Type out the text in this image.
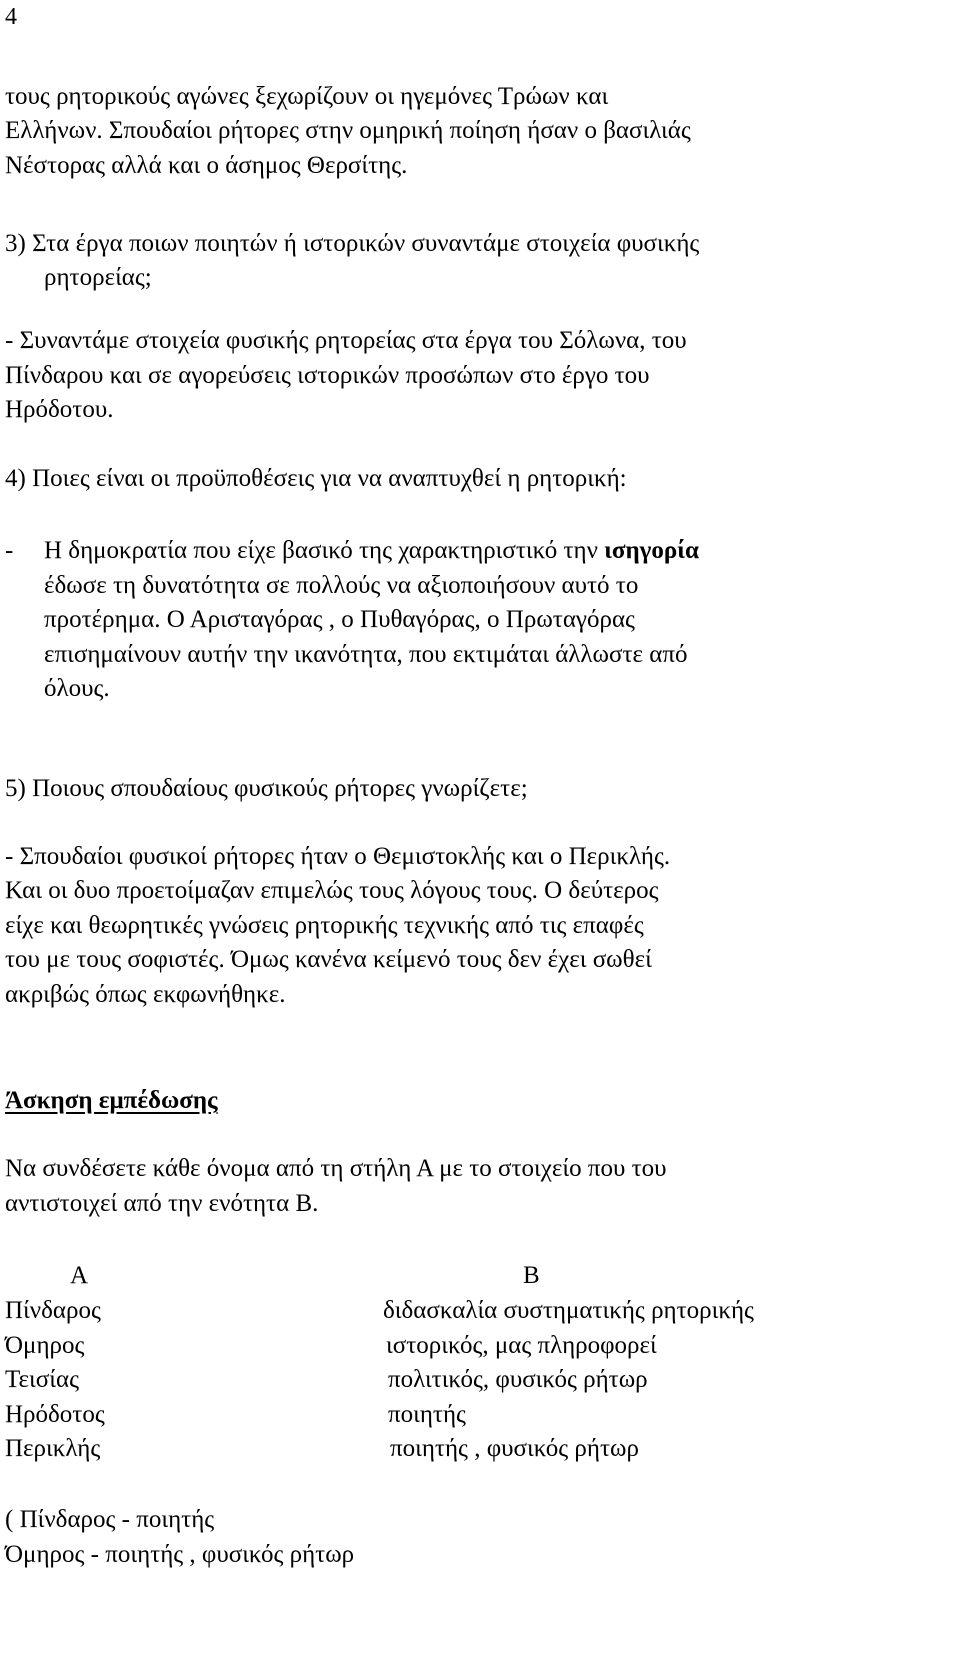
4
τους ρητορικούς αγώνες ξεχωρίζουν οι ηγεμόνες Τρώων και
Ελλήνων. Σπουδαίοι ρήτορες στην ομηρική ποίηση ήσαν ο βασιλιάς
Νέστορας αλλά και ο άσημος Θερσίτης.
3) Στα έργα ποιων ποιητών ή ιστορικών συναντάμε στοιχεία φυσικής
ρητορείας;
- Συναντάμε στοιχεία φυσικής ρητορείας στα έργα του Σόλωνα, του
Πίνδαρου και σε αγορεύσεις ιστορικών προσώπων στο έργο του
Ηρόδοτου.
4) Ποιες είναι οι προϋποθέσεις για να αναπτυχθεί η ρητορική:
- Η δημοκρατία που είχε βασικό της χαρακτηριστικό την ισηγορία
έδωσε τη δυνατότητα σε πολλούς να αξιοποιήσουν αυτό το
προτέρημα. Ο Αρισταγόρας , ο Πυθαγόρας, ο Πρωταγόρας
επισημαίνουν αυτήν την ικανότητα, που εκτιμάται άλλωστε από
όλους.
5) Ποιους σπουδαίους φυσικούς ρήτορες γνωρίζετε;
- Σπουδαίοι φυσικοί ρήτορες ήταν ο Θεμιστοκλής και ο Περικλής.
Και οι δυο προετοίμαζαν επιμελώς τους λόγους τους. Ο δεύτερος
είχε και θεωρητικές γνώσεις ρητορικής τεχνικής από τις επαφές
του με τους σοφιστές. Όμως κανένα κείμενό τους δεν έχει σωθεί
ακριβώς όπως εκφωνήθηκε.
Άσκηση εμπέδωσης
Να συνδέσετε κάθε όνομα από τη στήλη Α με το στοιχείο που του
αντιστοιχεί από την ενότητα Β.
Α	Β
Πίνδαρος
Όμηρος
Τεισίας
Ηρόδοτος
Περικλής
διδασκαλία συστηματικής ρητορικής
ιστορικός, μας πληροφορεί
πολιτικός, φυσικός ρήτωρ
ποιητής
ποιητής , φυσικός ρήτωρ
( Πίνδαρος - ποιητής
Όμηρος - ποιητής , φυσικός ρήτωρ
